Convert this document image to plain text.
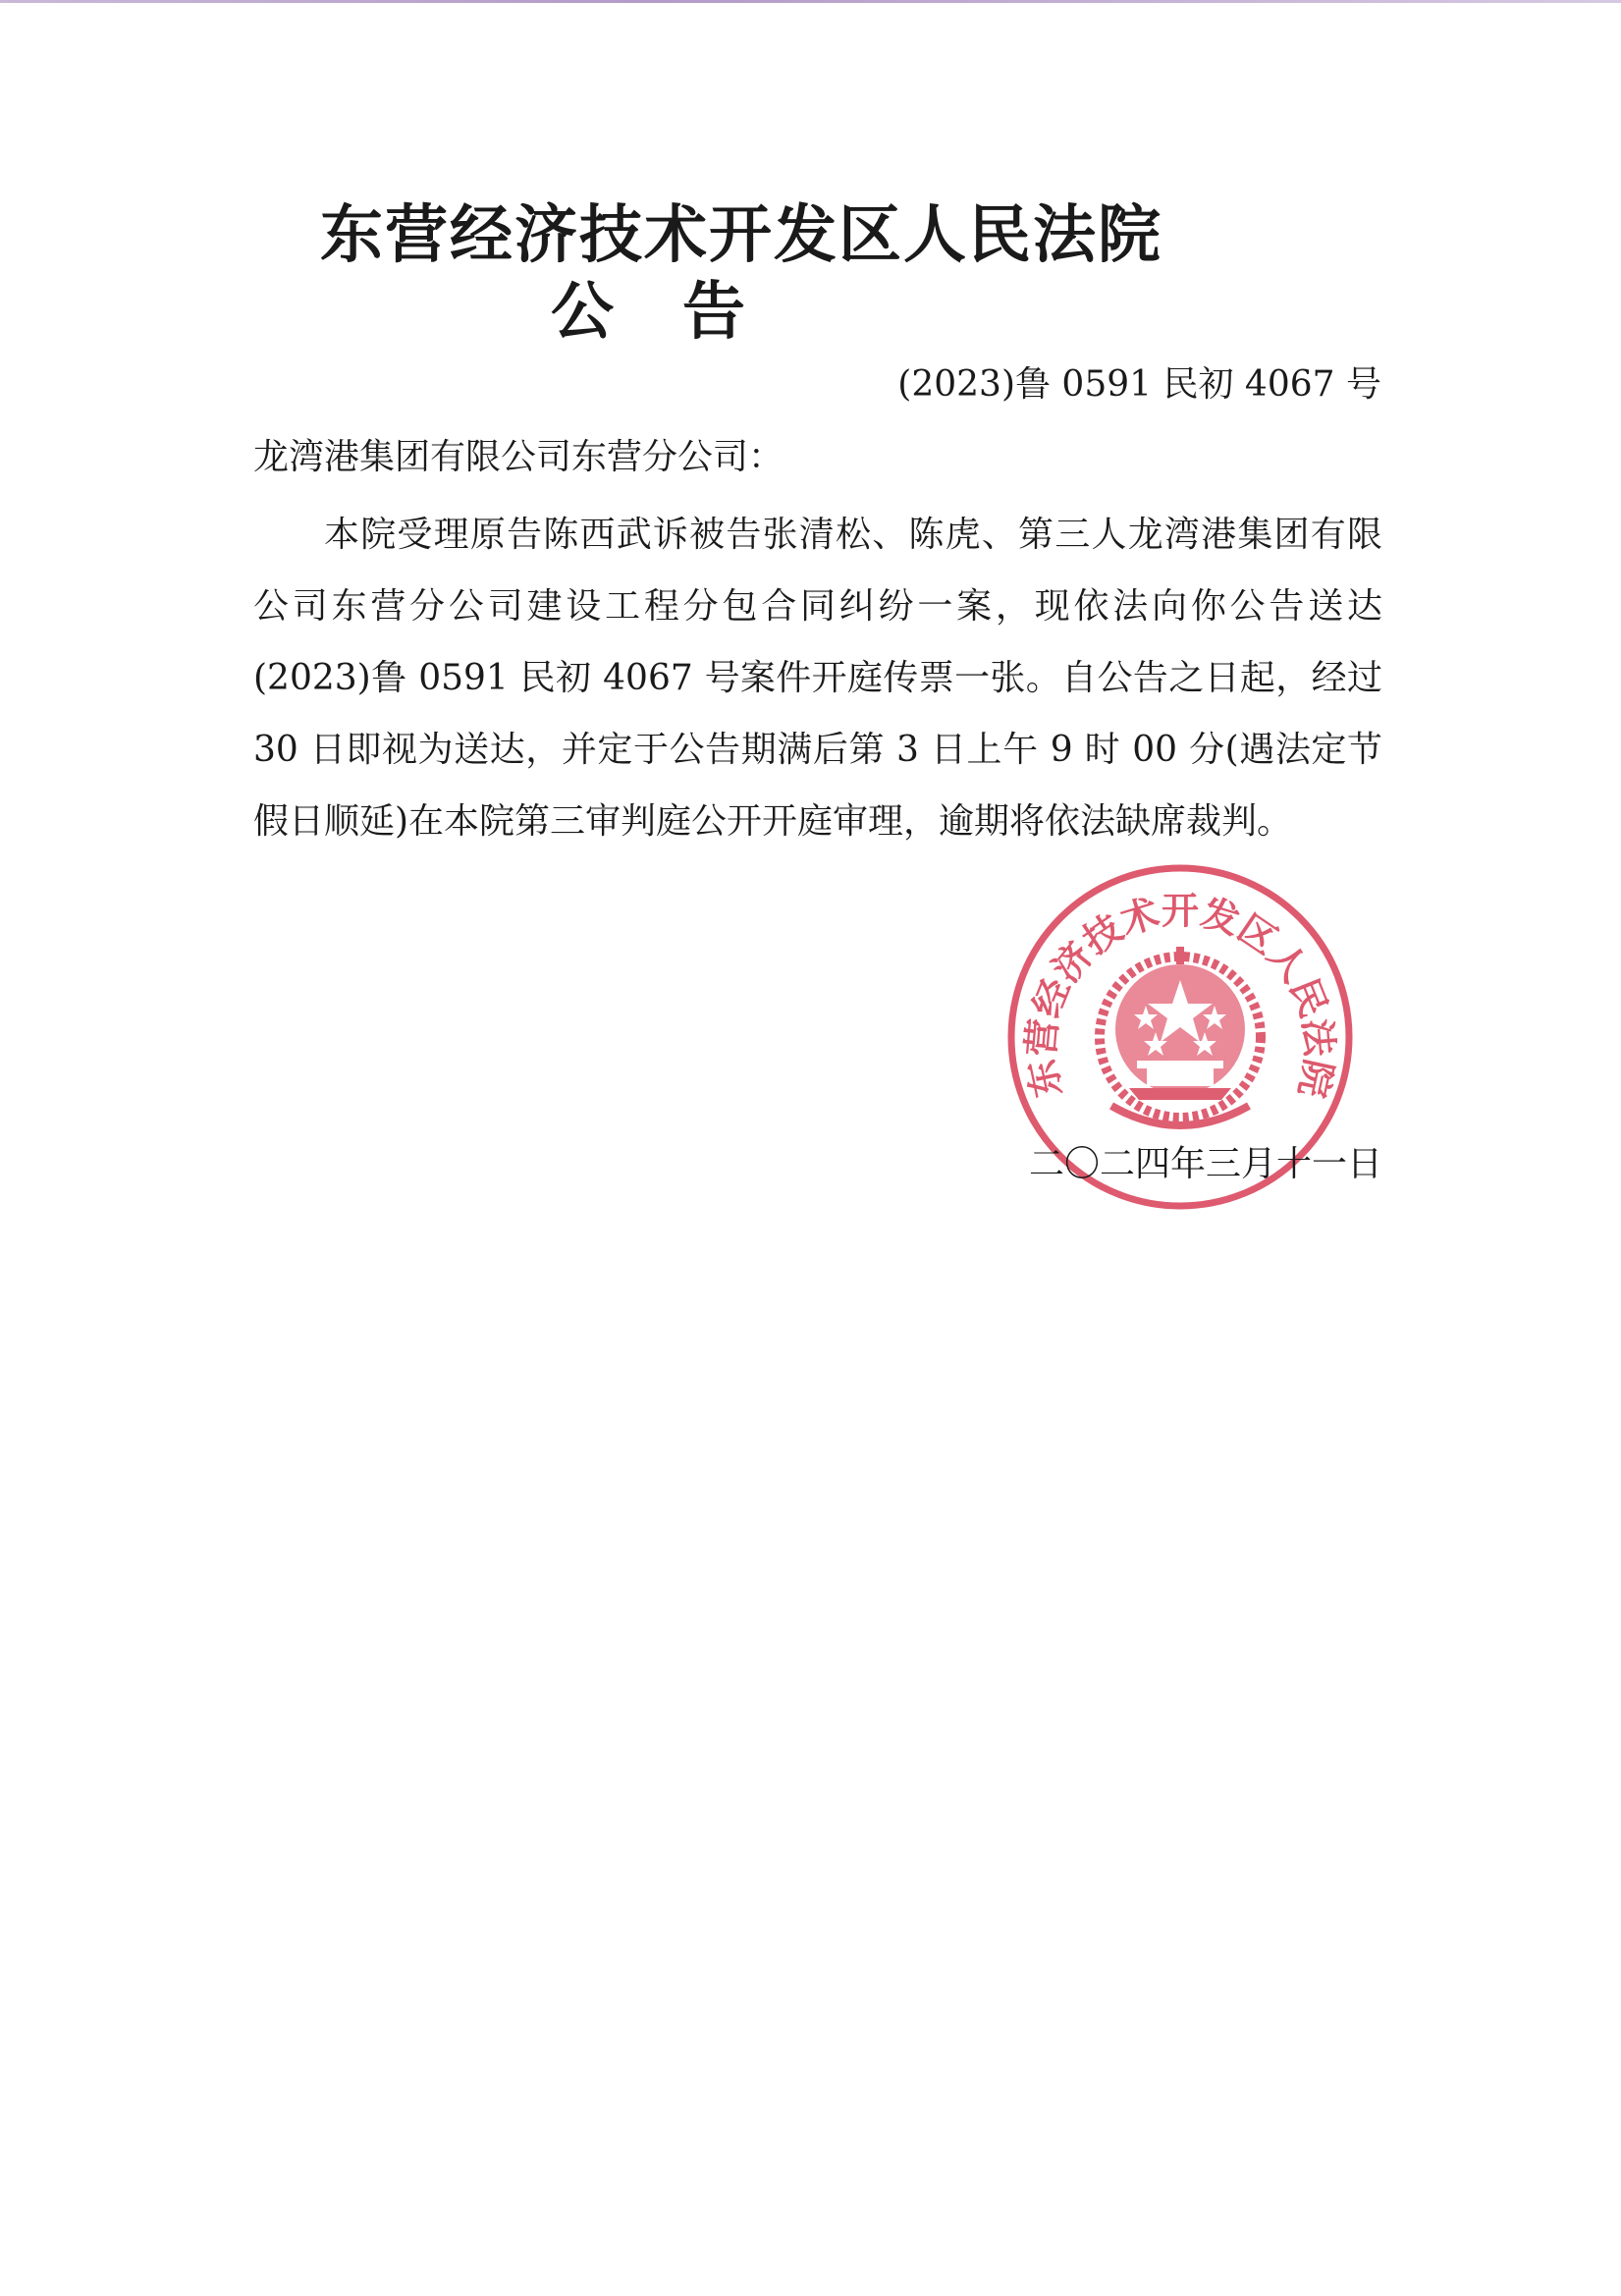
东营经济技术开发区人民法院
公告
(2023)鲁 0591 民初 4067 号
龙湾港集团有限公司东营分公司：

本院受理原告陈西武诉被告张清松、陈虎、第三人龙湾港集团有限公司东营分公司建设工程分包合同纠纷一案，现依法向你公告送达(2023)鲁 0591 民初 4067 号案件开庭传票一张。自公告之日起，经过 30 日即视为送达，并定于公告期满后第 3 日上午 9 时 00 分(遇法定节假日顺延)在本院第三审判庭公开开庭审理，逾期将依法缺席裁判。

东营经济技术开发区人民法院
二〇二四年三月十一日
